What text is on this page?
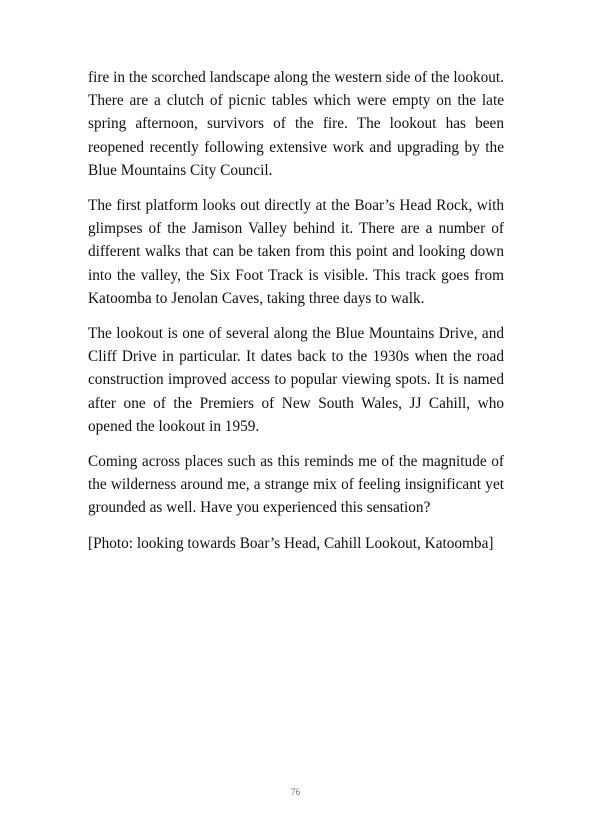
fire in the scorched landscape along the western side of the lookout. There are a clutch of picnic tables which were empty on the late spring afternoon, survivors of the fire. The lookout has been reopened recently following extensive work and upgrading by the Blue Mountains City Council.

The first platform looks out directly at the Boar’s Head Rock, with glimpses of the Jamison Valley behind it. There are a number of different walks that can be taken from this point and looking down into the valley, the Six Foot Track is visible. This track goes from Katoomba to Jenolan Caves, taking three days to walk.

The lookout is one of several along the Blue Mountains Drive, and Cliff Drive in particular. It dates back to the 1930s when the road construction improved access to popular viewing spots. It is named after one of the Premiers of New South Wales, JJ Cahill, who opened the lookout in 1959.

Coming across places such as this reminds me of the magnitude of the wilderness around me, a strange mix of feeling insignificant yet grounded as well. Have you experienced this sensation?

[Photo: looking towards Boar’s Head, Cahill Lookout, Katoomba]

76
